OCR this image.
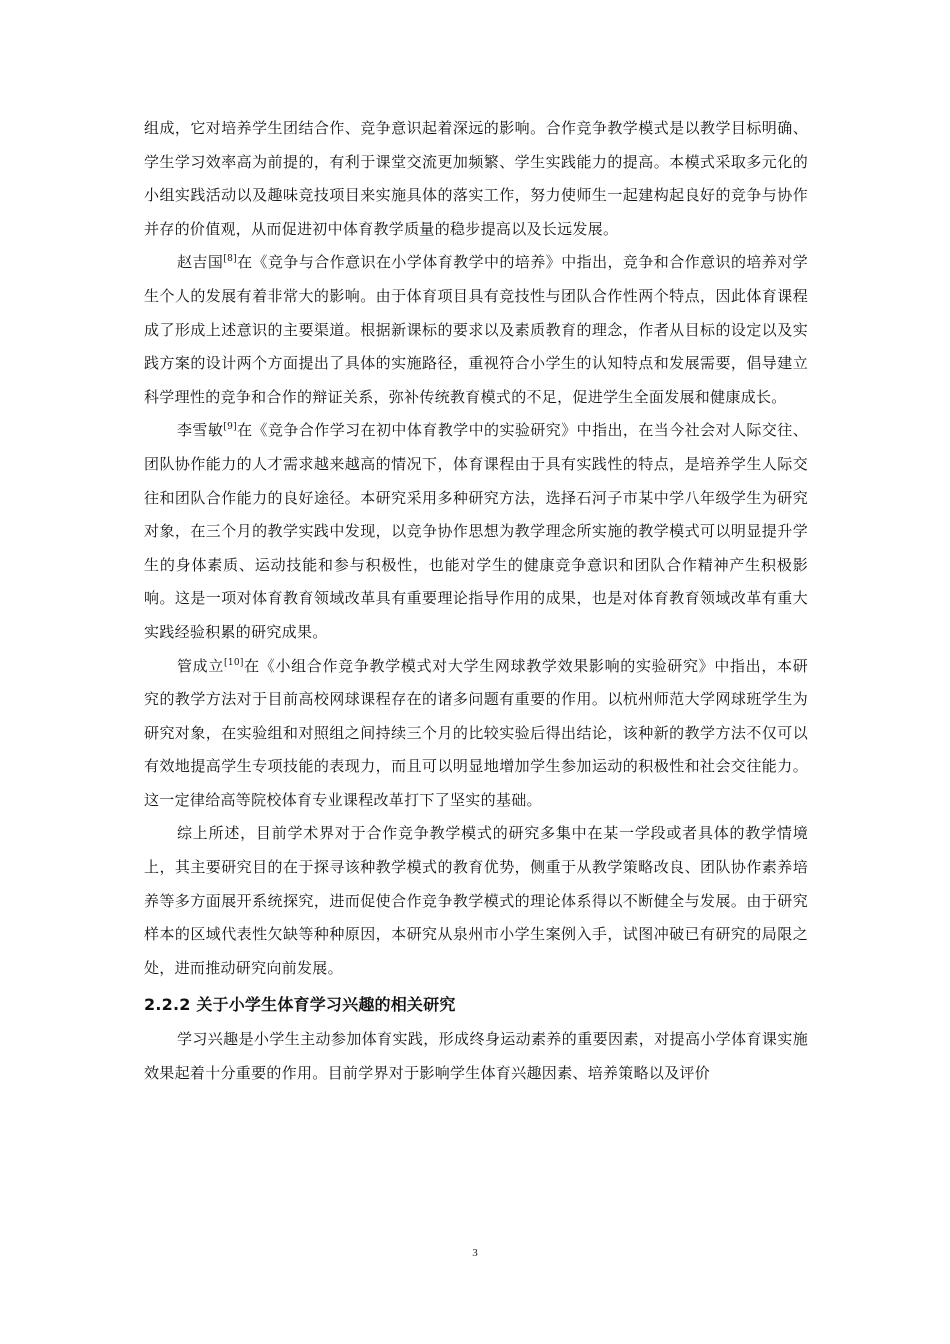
组成，它对培养学生团结合作、竞争意识起着深远的影响。合作竞争教学模式是以教学目标明确、学生学习效率高为前提的，有利于课堂交流更加频繁、学生实践能力的提高。本模式采取多元化的小组实践活动以及趣味竞技项目来实施具体的落实工作，努力使师生一起建构起良好的竞争与协作并存的价值观，从而促进初中体育教学质量的稳步提高以及长远发展。

赵吉国[8]在《竞争与合作意识在小学体育教学中的培养》中指出，竞争和合作意识的培养对学生个人的发展有着非常大的影响。由于体育项目具有竞技性与团队合作性两个特点，因此体育课程成了形成上述意识的主要渠道。根据新课标的要求以及素质教育的理念，作者从目标的设定以及实践方案的设计两个方面提出了具体的实施路径，重视符合小学生的认知特点和发展需要，倡导建立科学理性的竞争和合作的辩证关系，弥补传统教育模式的不足，促进学生全面发展和健康成长。

李雪敏[9]在《竞争合作学习在初中体育教学中的实验研究》中指出，在当今社会对人际交往、团队协作能力的人才需求越来越高的情况下，体育课程由于具有实践性的特点，是培养学生人际交往和团队合作能力的良好途径。本研究采用多种研究方法，选择石河子市某中学八年级学生为研究对象，在三个月的教学实践中发现，以竞争协作思想为教学理念所实施的教学模式可以明显提升学生的身体素质、运动技能和参与积极性，也能对学生的健康竞争意识和团队合作精神产生积极影响。这是一项对体育教育领域改革具有重要理论指导作用的成果，也是对体育教育领域改革有重大实践经验积累的研究成果。

管成立[10]在《小组合作竞争教学模式对大学生网球教学效果影响的实验研究》中指出，本研究的教学方法对于目前高校网球课程存在的诸多问题有重要的作用。以杭州师范大学网球班学生为研究对象，在实验组和对照组之间持续三个月的比较实验后得出结论，该种新的教学方法不仅可以有效地提高学生专项技能的表现力，而且可以明显地增加学生参加运动的积极性和社会交往能力。这一定律给高等院校体育专业课程改革打下了坚实的基础。

综上所述，目前学术界对于合作竞争教学模式的研究多集中在某一学段或者具体的教学情境上，其主要研究目的在于探寻该种教学模式的教育优势，侧重于从教学策略改良、团队协作素养培养等多方面展开系统探究，进而促使合作竞争教学模式的理论体系得以不断健全与发展。由于研究样本的区域代表性欠缺等种种原因，本研究从泉州市小学生案例入手，试图冲破已有研究的局限之处，进而推动研究向前发展。

2.2.2 关于小学生体育学习兴趣的相关研究

学习兴趣是小学生主动参加体育实践，形成终身运动素养的重要因素，对提高小学体育课实施效果起着十分重要的作用。目前学界对于影响学生体育兴趣因素、培养策略以及评价

3
